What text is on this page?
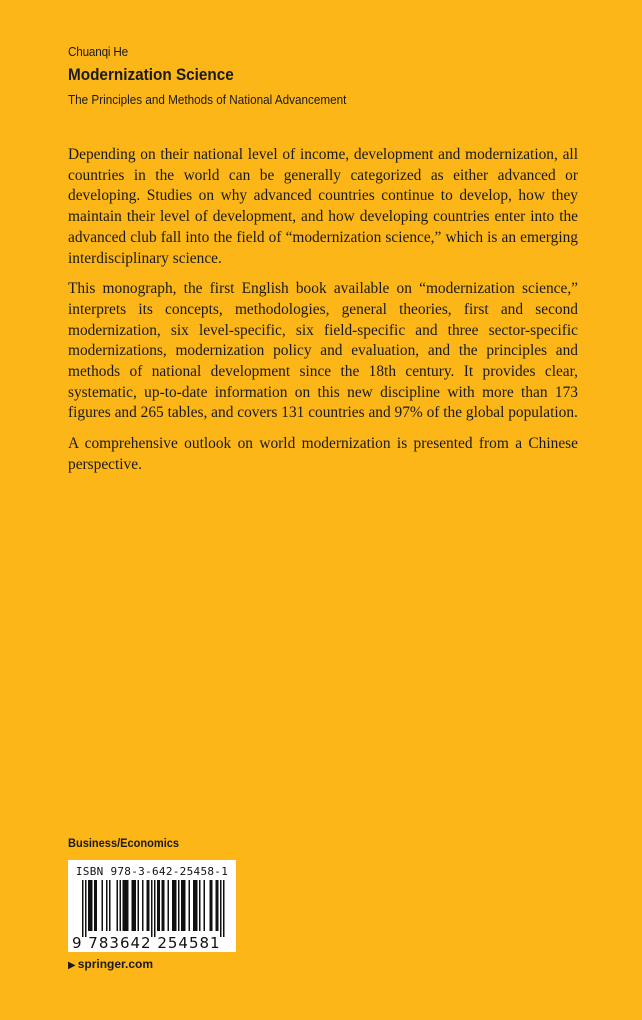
Chuanqi He
Modernization Science
The Principles and Methods of National Advancement

Depending on their national level of income, development and modernization, all countries in the world can be generally categorized as either advanced or developing. Studies on why advanced countries continue to develop, how they maintain their level of development, and how developing countries enter into the advanced club fall into the field of “modernization science,” which is an emerging interdisciplinary science.

This monograph, the first English book available on “modernization science,” interprets its concepts, methodologies, general theories, first and second modernization, six level-specific, six field-specific and three sector-specific modernizations, modernization policy and evaluation, and the principles and methods of national development since the 18th century. It provides clear, systematic, up-to-date information on this new discipline with more than 173 figures and 265 tables, and covers 131 countries and 97% of the global population.

A comprehensive outlook on world modernization is presented from a Chinese perspective.

Business/Economics
ISBN 978-3-642-25458-1
9 783642 254581
▶ springer.com
